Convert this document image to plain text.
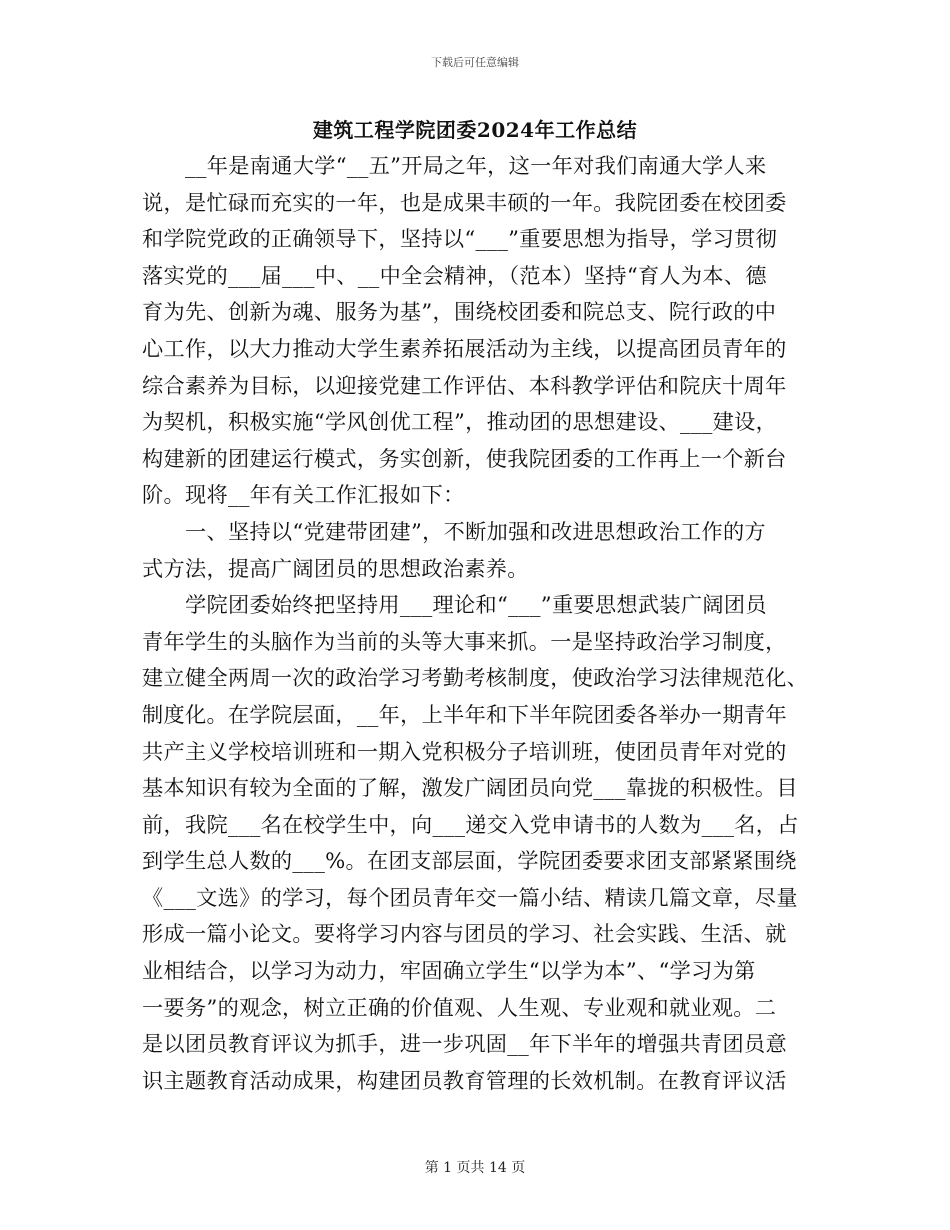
下载后可任意编辑
建筑工程学院团委2024年工作总结
　　__年是南通大学“__五”开局之年，这一年对我们南通大学人来
说，是忙碌而充实的一年，也是成果丰硕的一年。我院团委在校团委
和学院党政的正确领导下，坚持以“___”重要思想为指导，学习贯彻
落实党的___届___中、__中全会精神，（范本）坚持“育人为本、德
育为先、创新为魂、服务为基”，围绕校团委和院总支、院行政的中
心工作，以大力推动大学生素养拓展活动为主线，以提高团员青年的
综合素养为目标，以迎接党建工作评估、本科教学评估和院庆十周年
为契机，积极实施“学风创优工程”，推动团的思想建设、___建设，
构建新的团建运行模式，务实创新，使我院团委的工作再上一个新台
阶。现将__年有关工作汇报如下：
　　一、坚持以“党建带团建”，不断加强和改进思想政治工作的方
式方法，提高广阔团员的思想政治素养。
　　学院团委始终把坚持用___理论和“___”重要思想武装广阔团员
青年学生的头脑作为当前的头等大事来抓。一是坚持政治学习制度，
建立健全两周一次的政治学习考勤考核制度，使政治学习法律规范化、
制度化。在学院层面，__年，上半年和下半年院团委各举办一期青年
共产主义学校培训班和一期入党积极分子培训班，使团员青年对党的
基本知识有较为全面的了解，激发广阔团员向党___靠拢的积极性。目
前，我院___名在校学生中，向___递交入党申请书的人数为___名，占
到学生总人数的___%。在团支部层面，学院团委要求团支部紧紧围绕
《___文选》的学习，每个团员青年交一篇小结、精读几篇文章，尽量
形成一篇小论文。要将学习内容与团员的学习、社会实践、生活、就
业相结合，以学习为动力，牢固确立学生“以学为本”、“学习为第
一要务”的观念，树立正确的价值观、人生观、专业观和就业观。二
是以团员教育评议为抓手，进一步巩固__年下半年的增强共青团员意
识主题教育活动成果，构建团员教育管理的长效机制。在教育评议活
第 1 页共 14 页
